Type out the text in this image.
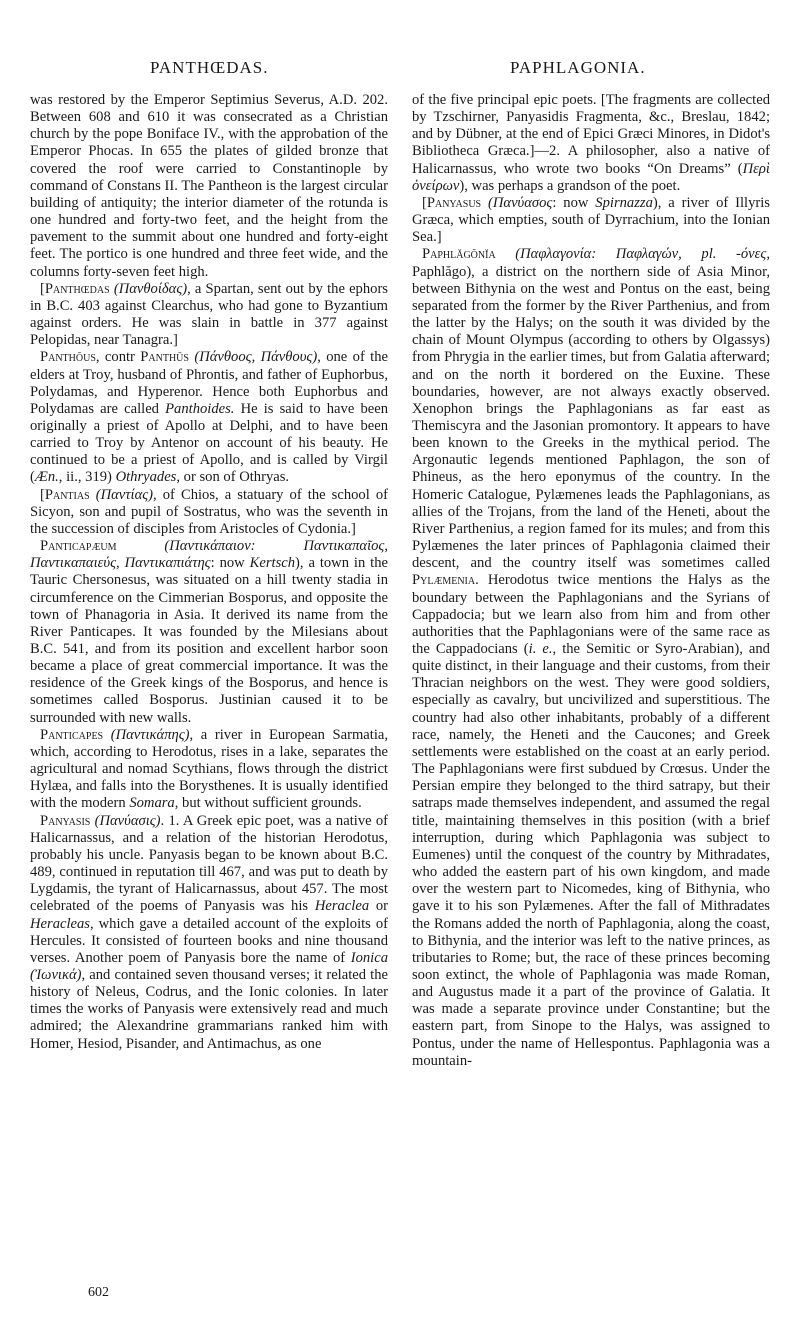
PANTHŒDAS.	PAPHLAGONIA.

was restored by the Emperor Septimius Severus, A.D. 202. Between 608 and 610 it was consecrated as a Christian church by the pope Boniface IV., with the approbation of the Emperor Phocas. In 655 the plates of gilded bronze that covered the roof were carried to Constantinople by command of Constans II. The Pantheon is the largest circular building of antiquity; the interior diameter of the rotunda is one hundred and forty-two feet, and the height from the pavement to the summit about one hundred and forty-eight feet. The portico is one hundred and three feet wide, and the columns forty-seven feet high.

[Panthœdas (Πανθοίδας), a Spartan, sent out by the ephors in B.C. 403 against Clearchus, who had gone to Byzantium against orders. He was slain in battle in 377 against Pelopidas, near Tanagra.]

Panthŏus, contr Panthūs (Πάνθοος, Πάνθους), one of the elders at Troy, husband of Phrontis, and father of Euphorbus, Polydamas, and Hyperenor. Hence both Euphorbus and Polydamas are called Panthoides. He is said to have been originally a priest of Apollo at Delphi, and to have been carried to Troy by Antenor on account of his beauty. He continued to be a priest of Apollo, and is called by Virgil (Æn., ii., 319) Othryades, or son of Othryas.

[Pantias (Παντίας), of Chios, a statuary of the school of Sicyon, son and pupil of Sostratus, who was the seventh in the succession of disciples from Aristocles of Cydonia.]

Panticapæum	(Παντικάπαιον: Παντικαπαῖος, Παντικαπαιεύς, Παντικαπιάτης: now Kertsch), a town in the Tauric Chersonesus, was situated on a hill twenty stadia in circumference on the Cimmerian Bosporus, and opposite the town of Phanagoria in Asia. It derived its name from the River Panticapes. It was founded by the Milesians about B.C. 541, and from its position and excellent harbor soon became a place of great commercial importance. It was the residence of the Greek kings of the Bosporus, and hence is sometimes called Bosporus. Justinian caused it to be surrounded with new walls.

Panticapes (Παντικάπης), a river in European Sarmatia, which, according to Herodotus, rises in a lake, separates the agricultural and nomad Scythians, flows through the district Hylæa, and falls into the Borysthenes. It is usually identified with the modern Somara, but without sufficient grounds.

Panyasis (Πανύασις). 1. A Greek epic poet, was a native of Halicarnassus, and a relation of the historian Herodotus, probably his uncle. Panyasis began to be known about B.C. 489, continued in reputation till 467, and was put to death by Lygdamis, the tyrant of Halicarnassus, about 457. The most celebrated of the poems of Panyasis was his Heraclea or Heracleas, which gave a detailed account of the exploits of Hercules. It consisted of fourteen books and nine thousand verses. Another poem of Panyasis bore the name of Ionica (Ἰωνικά), and contained seven thousand verses; it related the history of Neleus, Codrus, and the Ionic colonies. In later times the works of Panyasis were extensively read and much admired; the Alexandrine grammarians ranked him with Homer, Hesiod, Pisander, and Antimachus, as one

of the five principal epic poets. [The fragments are collected by Tzschirner, Panyasidis Fragmenta, &c., Breslau, 1842; and by Dübner, at the end of Epici Græci Minores, in Didot's Bibliotheca Græca.]—2. A philosopher, also a native of Halicarnassus, who wrote two books “On Dreams” (Περὶ ὀνείρων), was perhaps a grandson of the poet.

[Panyasus (Πανύασος: now Spirnazza), a river of Illyris Græca, which empties, south of Dyrrachium, into the Ionian Sea.]

Paphlăgŏnĭa (Παφλαγονία: Παφλαγών, pl. -όνες, Paphlăgo), a district on the northern side of Asia Minor, between Bithynia on the west and Pontus on the east, being separated from the former by the River Parthenius, and from the latter by the Halys; on the south it was divided by the chain of Mount Olympus (according to others by Olgassys) from Phrygia in the earlier times, but from Galatia afterward; and on the north it bordered on the Euxine. These boundaries, however, are not always exactly observed. Xenophon brings the Paphlagonians as far east as Themiscyra and the Jasonian promontory. It appears to have been known to the Greeks in the mythical period. The Argonautic legends mentioned Paphlagon, the son of Phineus, as the hero eponymus of the country. In the Homeric Catalogue, Pylæmenes leads the Paphlagonians, as allies of the Trojans, from the land of the Heneti, about the River Parthenius, a region famed for its mules; and from this Pylæmenes the later princes of Paphlagonia claimed their descent, and the country itself was sometimes called Pylæmenia. Herodotus twice mentions the Halys as the boundary between the Paphlagonians and the Syrians of Cappadocia; but we learn also from him and from other authorities that the Paphlagonians were of the same race as the Cappadocians (i. e., the Semitic or Syro-Arabian), and quite distinct, in their language and their customs, from their Thracian neighbors on the west. They were good soldiers, especially as cavalry, but uncivilized and superstitious. The country had also other inhabitants, probably of a different race, namely, the Heneti and the Caucones; and Greek settlements were established on the coast at an early period. The Paphlagonians were first subdued by Crœsus. Under the Persian empire they belonged to the third satrapy, but their satraps made themselves independent, and assumed the regal title, maintaining themselves in this position (with a brief interruption, during which Paphlagonia was subject to Eumenes) until the conquest of the country by Mithradates, who added the eastern part of his own kingdom, and made over the western part to Nicomedes, king of Bithynia, who gave it to his son Pylæmenes. After the fall of Mithradates the Romans added the north of Paphlagonia, along the coast, to Bithynia, and the interior was left to the native princes, as tributaries to Rome; but, the race of these princes becoming soon extinct, the whole of Paphlagonia was made Roman, and Augustus made it a part of the province of Galatia. It was made a separate province under Constantine; but the eastern part, from Sinope to the Halys, was assigned to Pontus, under the name of Hellespontus. Paphlagonia was a mountain-

602
